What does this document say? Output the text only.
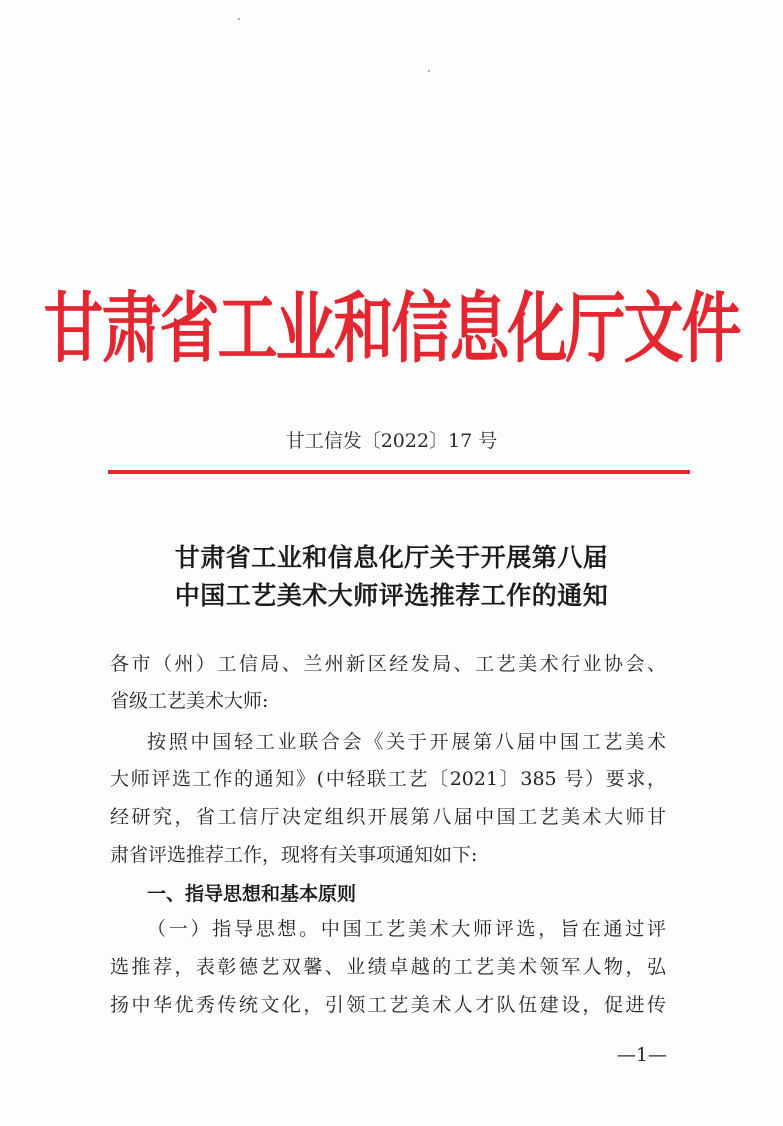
甘肃省工业和信息化厅文件
甘工信发〔2022〕17 号
甘肃省工业和信息化厅关于开展第八届
中国工艺美术大师评选推荐工作的通知
各市（州）工信局、兰州新区经发局、工艺美术行业协会、
省级工艺美术大师:
按照中国轻工业联合会《关于开展第八届中国工艺美术
大师评选工作的通知》(中轻联工艺〔2021〕385 号）要求，
经研究，省工信厅决定组织开展第八届中国工艺美术大师甘
肃省评选推荐工作，现将有关事项通知如下:
一、指导思想和基本原则
（一）指导思想。中国工艺美术大师评选，旨在通过评
选推荐，表彰德艺双馨、业绩卓越的工艺美术领军人物，弘
扬中华优秀传统文化，引领工艺美术人才队伍建设，促进传
—1—
